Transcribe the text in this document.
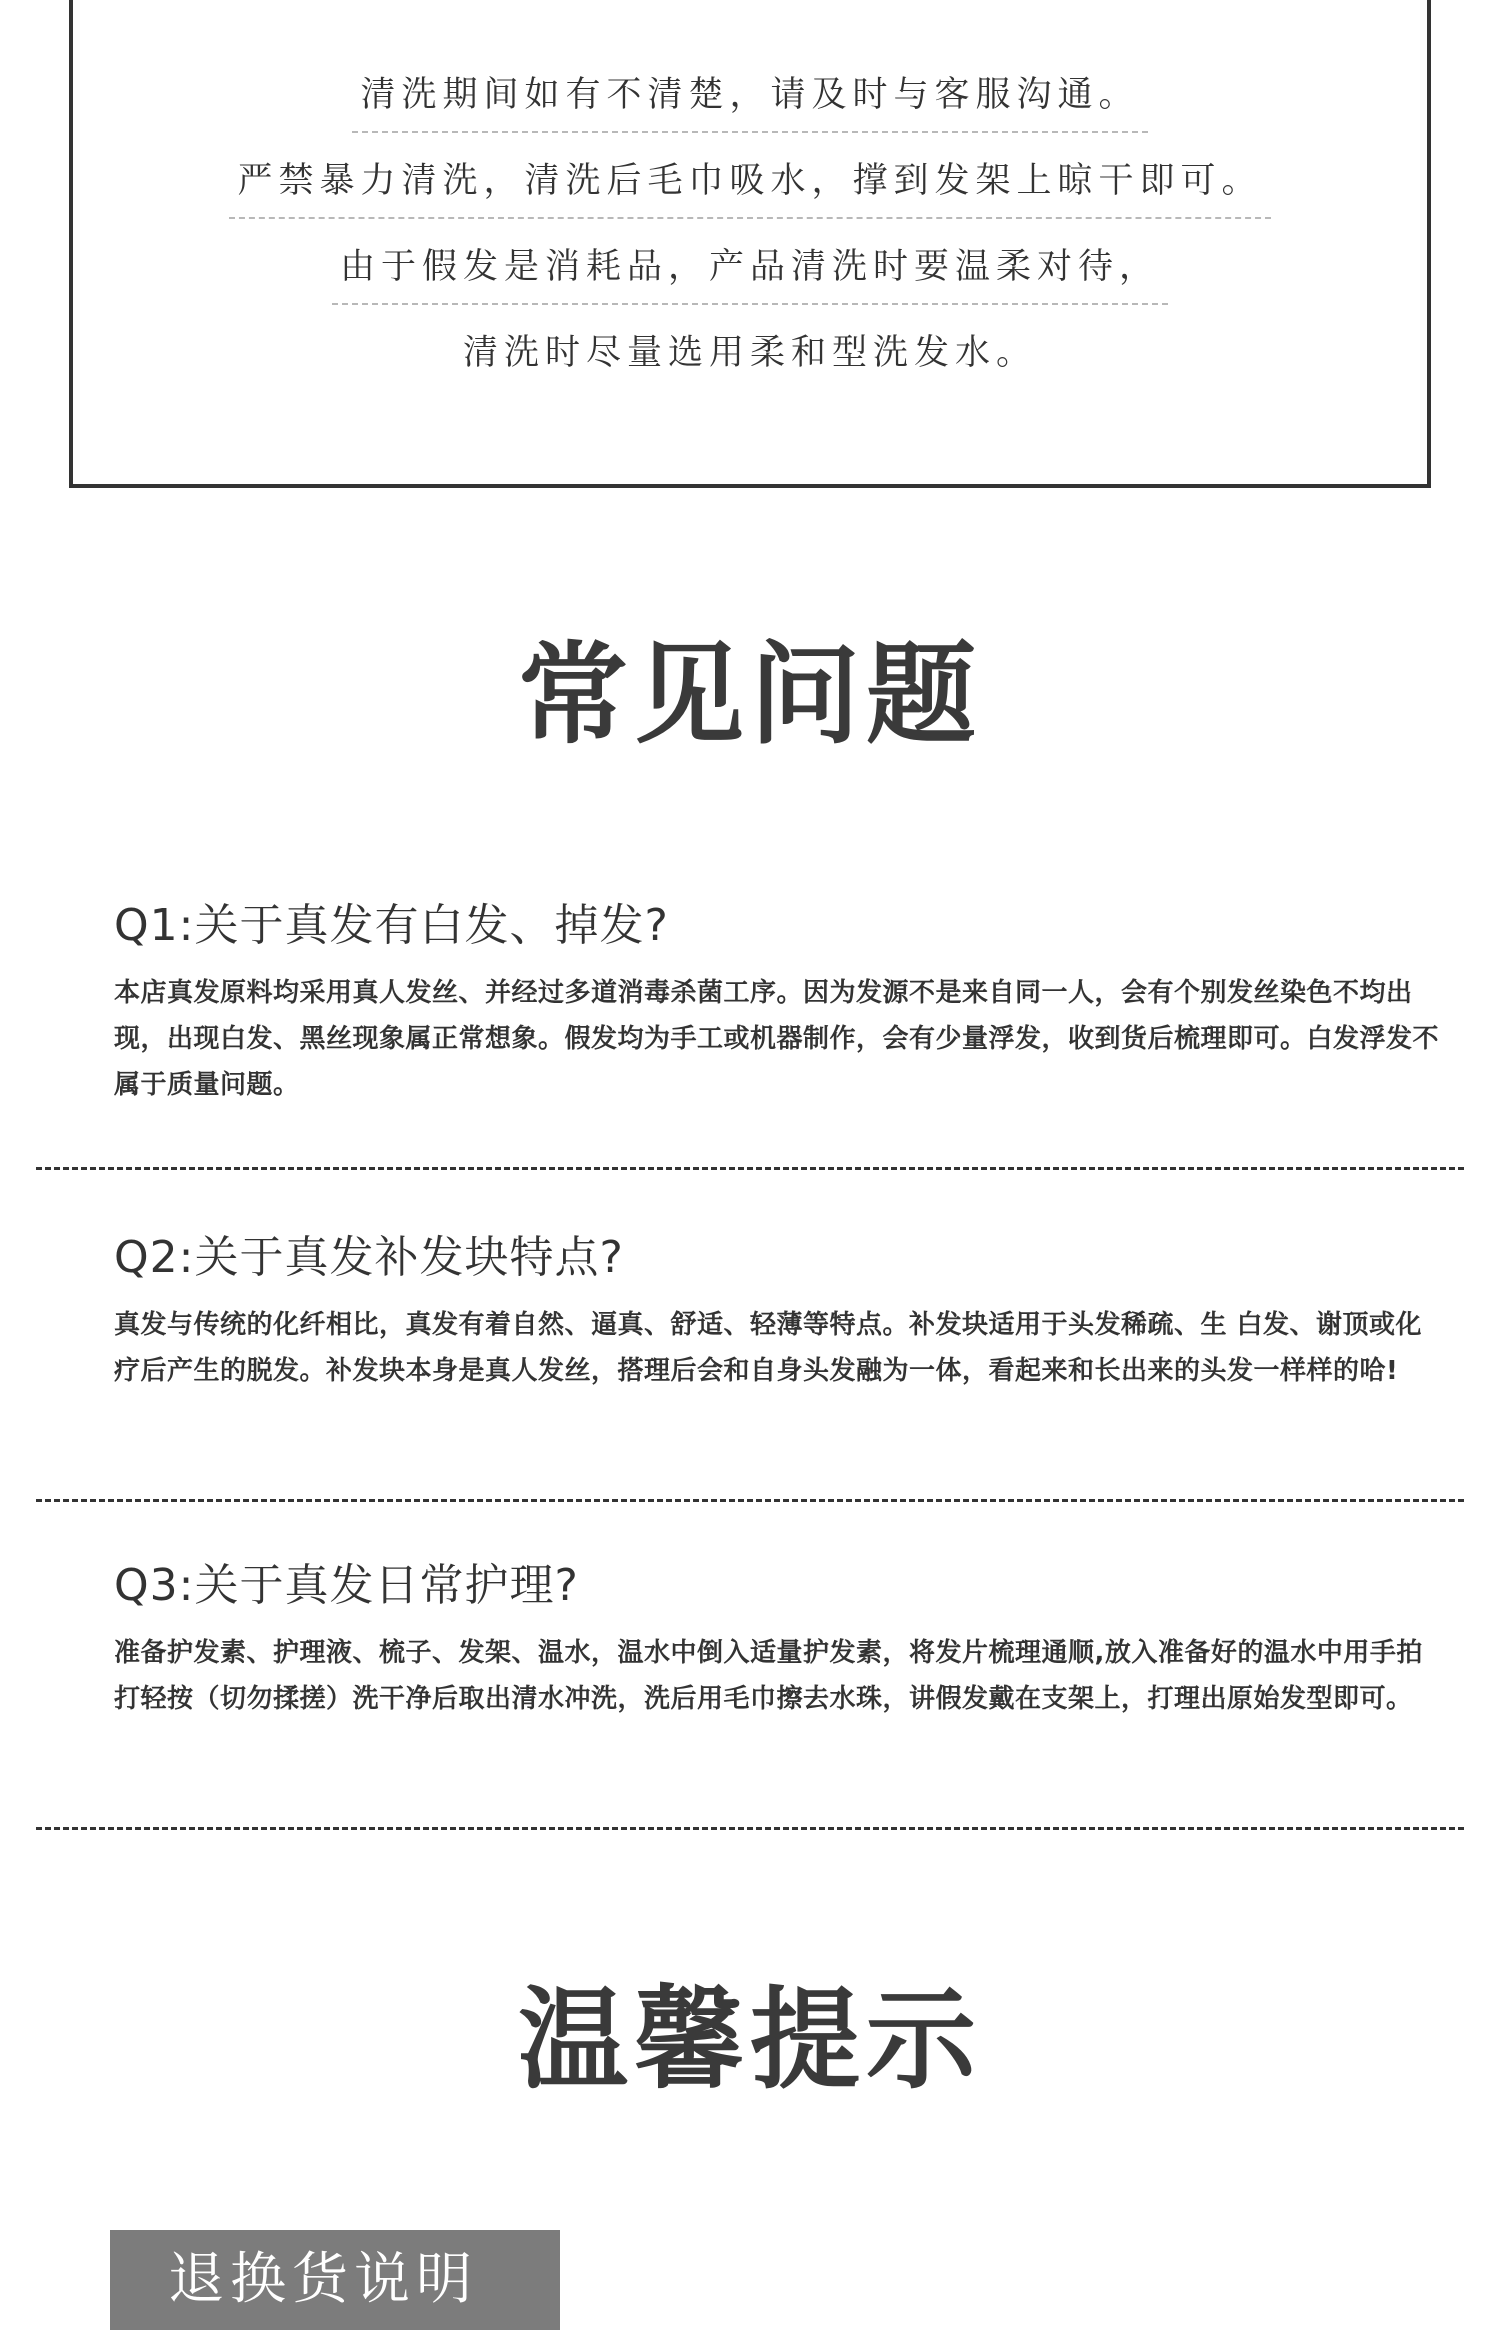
清洗期间如有不清楚，请及时与客服沟通。
严禁暴力清洗，清洗后毛巾吸水，撑到发架上晾干即可。
由于假发是消耗品，产品清洗时要温柔对待，
清洗时尽量选用柔和型洗发水。
常见问题
Q1:关于真发有白发、掉发?
本店真发原料均采用真人发丝、并经过多道消毒杀菌工序。因为发源不是来自同一人，会有个别发丝染色不均出现，出现白发、黑丝现象属正常想象。假发均为手工或机器制作，会有少量浮发，收到货后梳理即可。白发浮发不属于质量问题。
Q2:关于真发补发块特点?
真发与传统的化纤相比，真发有着自然、逼真、舒适、轻薄等特点。补发块适用于头发稀疏、生 白发、谢顶或化疗后产生的脱发。补发块本身是真人发丝，搭理后会和自身头发融为一体，看起来和长出来的头发一样样的哈!
Q3:关于真发日常护理?
准备护发素、护理液、梳子、发架、温水，温水中倒入适量护发素，将发片梳理通顺,放入准备好的温水中用手拍打轻按（切勿揉搓）洗干净后取出清水冲洗，洗后用毛巾擦去水珠，讲假发戴在支架上，打理出原始发型即可。
温馨提示
退换货说明
